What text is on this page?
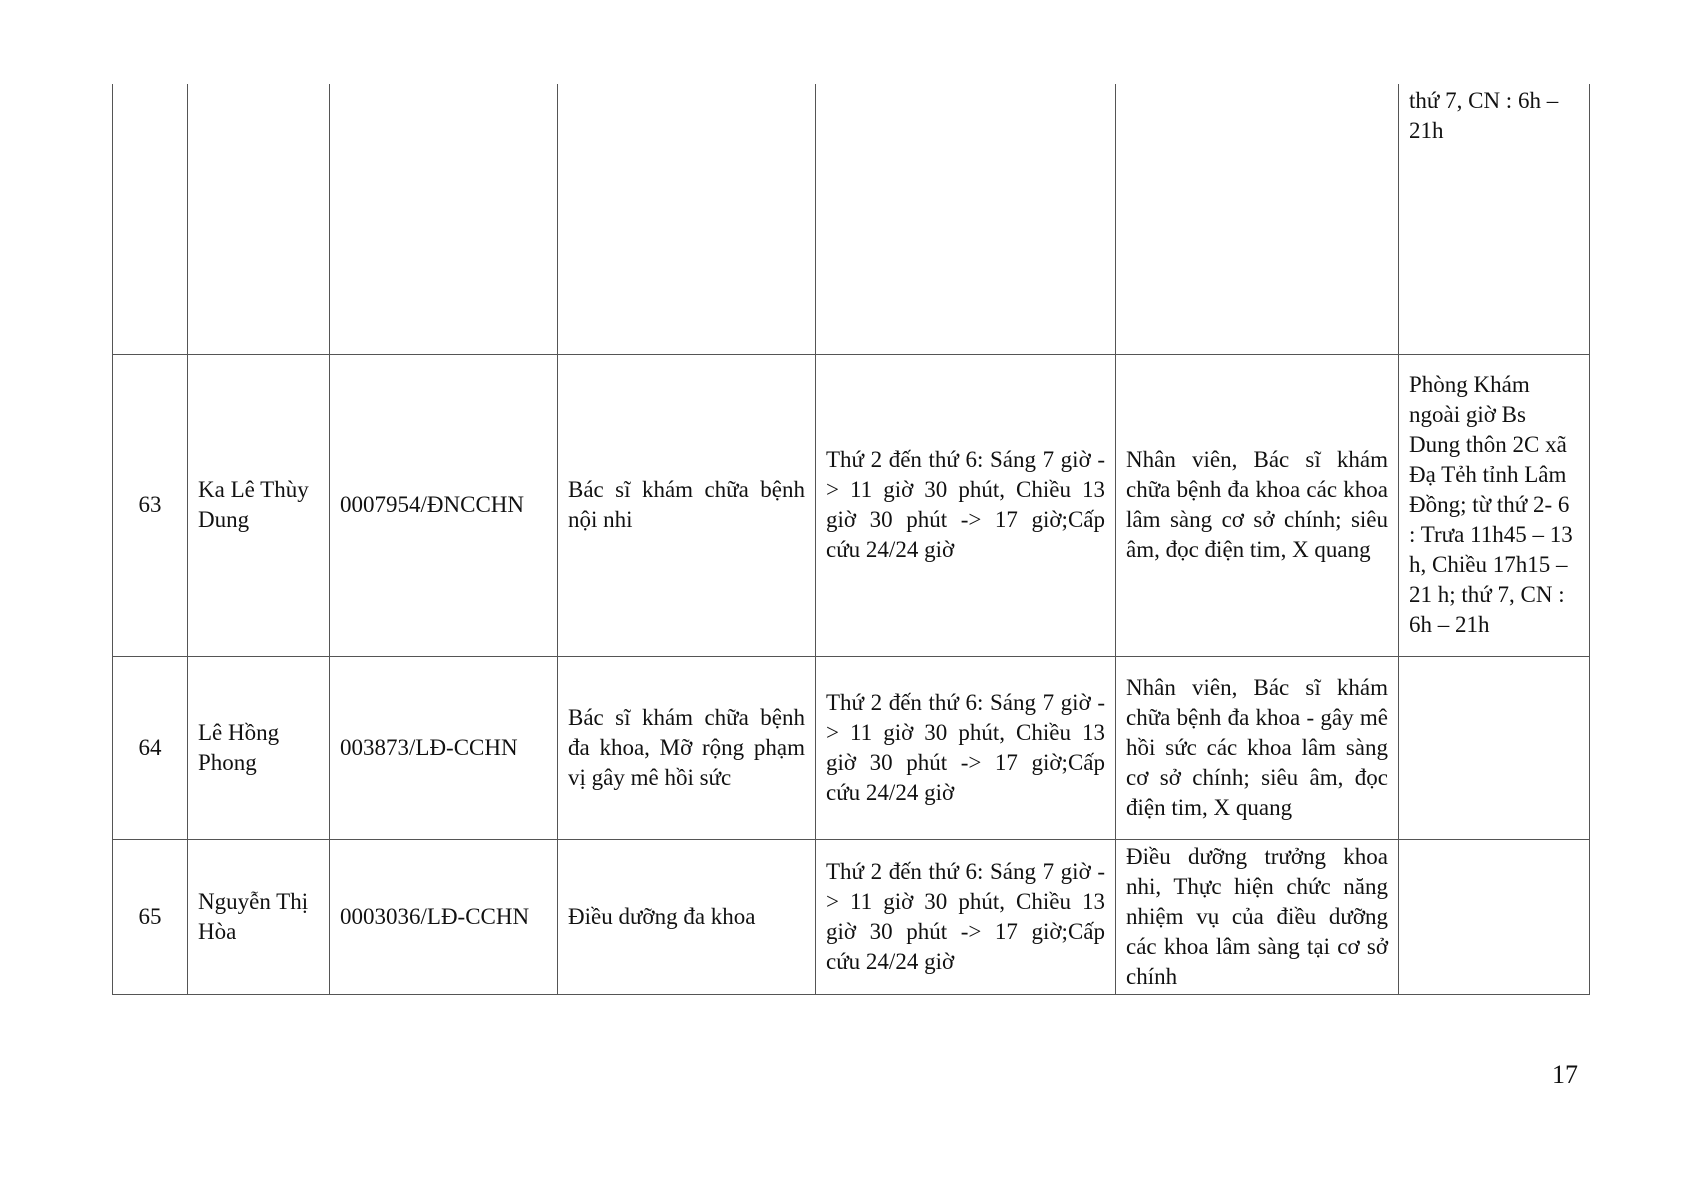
						thứ 7, CN : 6h – 21h
63	Ka Lê Thùy Dung	0007954/ĐNCCHN	Bác sĩ khám chữa bệnh nội nhi	Thứ 2 đến thứ 6: Sáng 7 giờ -> 11 giờ 30 phút, Chiều 13 giờ 30 phút -> 17 giờ;Cấp cứu 24/24 giờ	Nhân viên, Bác sĩ khám chữa bệnh đa khoa các khoa lâm sàng cơ sở chính; siêu âm, đọc điện tim, X quang	Phòng Khám ngoài giờ Bs Dung thôn 2C xã Đạ Tẻh tỉnh Lâm Đồng; từ thứ 2- 6 : Trưa 11h45 – 13 h, Chiều 17h15 – 21 h; thứ 7, CN : 6h – 21h
64	Lê Hồng Phong	003873/LĐ-CCHN	Bác sĩ khám chữa bệnh đa khoa, Mỡ rộng phạm vị gây mê hồi sức	Thứ 2 đến thứ 6: Sáng 7 giờ -> 11 giờ 30 phút, Chiều 13 giờ 30 phút -> 17 giờ;Cấp cứu 24/24 giờ	Nhân viên, Bác sĩ khám chữa bệnh đa khoa - gây mê hồi sức các khoa lâm sàng cơ sở chính; siêu âm, đọc điện tim, X quang	
65	Nguyễn Thị Hòa	0003036/LĐ-CCHN	Điều dưỡng đa khoa	Thứ 2 đến thứ 6: Sáng 7 giờ -> 11 giờ 30 phút, Chiều 13 giờ 30 phút -> 17 giờ;Cấp cứu 24/24 giờ	Điều dưỡng trưởng khoa nhi, Thực hiện chức năng nhiệm vụ của điều dưỡng các khoa lâm sàng tại cơ sở chính	
17
